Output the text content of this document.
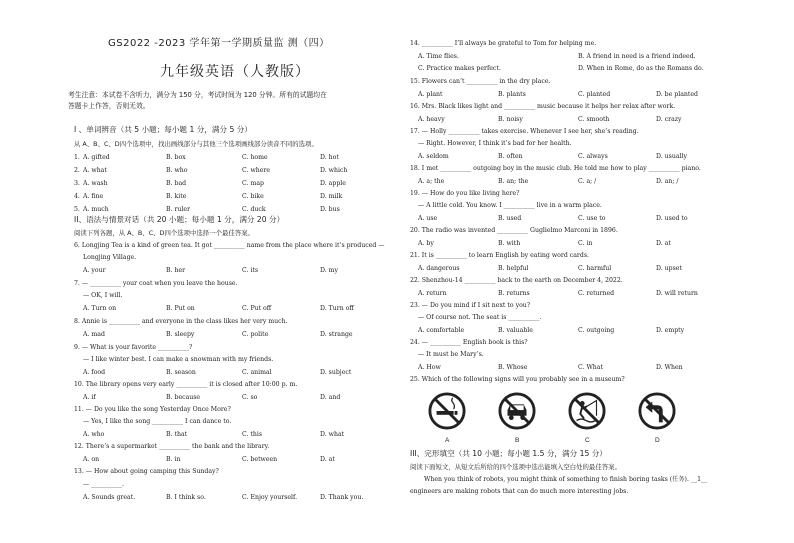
GS2022 -2023 学年第一学期质量监 测（四）
九年级英语（人教版）
考生注意：本试卷不含听力，满分为 150 分，考试时间为 120 分钟。所有的试题均在
答题卡上作答，否则无效。
I 、单词辨音（共 5 小题；每小题 1 分，满分 5 分）
从 A、B、C、D四个选项中，找出画线部分与其他三个选项画线部分读音不同的选项。
1. A. gifted	B. box	C. home	D. hot
2. A. what	B. who	C. where	D. which
3. A. wash	B. bad	C. map	D. apple
4. A. fine	B. kite	C. bike	D. milk
5. A. much	B. ruler	C. duck	D. bus
II、语法与情景对话（共 20 小题；每小题 1 分，满分 20 分）
阅读下列各题，从 A、B、C、D四个选项中选择一个最佳答案。
6. Longjing Tea is a kind of green tea. It got __________ name from the place where it’s produced —
Longjing Village.
A. your	B. her	C. its	D. my
7. — __________ your coat when you leave the house.
— OK, I will.
A. Turn on	B. Put on	C. Put off	D. Turn off
8. Annie is __________ and everyone in the class likes her very much.
A. mad	B. sleepy	C. polite	D. strange
9. — What is your favorite __________?
— I like winter best. I can make a snowman with my friends.
A. food	B. season	C. animal	D. subject
10. The library opens very early __________ it is closed after 10:00 p. m.
A. if	B. because	C. so	D. and
11. — Do you like the song Yesterday Once More?
— Yes, I like the song __________ I can dance to.
A. who	B. that	C. this	D. what
12. There’s a supermarket __________ the bank and the library.
A. on	B. in	C. between	D. at
13. — How about going camping this Sunday?
— __________.
A. Sounds great.	B. I think so.	C. Enjoy yourself.	D. Thank you.
14. __________ I’ll always be grateful to Tom for helping me.
A. Time flies.	B. A friend in need is a friend indeed.
C. Practice makes perfect.	D. When in Rome, do as the Romans do.
15. Flowers can’t __________ in the dry place.
A. plant	B. plants	C. planted	D. be planted
16. Mrs. Black likes light and __________ music because it helps her relax after work.
A. heavy	B. noisy	C. smooth	D. crazy
17. — Holly __________ takes exercise. Whenever I see her, she’s reading.
— Right. However, I think it’s bad for her health.
A. seldom	B. often	C. always	D. usually
18. I met __________ outgoing boy in the music club. He told me how to play __________ piano.
A. a; the	B. an; the	C. a; /	D. an; /
19. — How do you like living here?
— A little cold. You know. I __________ live in a warm place.
A. use	B. used	C. use to	D. used to
20. The radio was invented __________ Guglielmo Marconi in 1896.
A. by	B. with	C. in	D. at
21. It is __________ to learn English by eating word cards.
A. dangerous	B. helpful	C. harmful	D. upset
22. Shenzhou-14 __________ back to the earth on December 4, 2022.
A. return	B. returns	C. returned	D. will return
23. — Do you mind if I sit next to you?
— Of course not. The seat is __________.
A. comfortable	B. valuable	C. outgoing	D. empty
24. — __________ English book is this?
— It must be Mary’s.
A. How	B. Whose	C. What	D. When
25. Which of the following signs will you probably see in a museum?
A	B	C	D
III、完形填空（共 10 小题；每小题 1.5 分，满分 15 分）
阅读下面短文，从短文后所给的四个选项中选出能填入空白处的最佳答案。
When you think of robots, you might think of something to finish boring tasks (任务). __1__
engineers are making robots that can do much more interesting jobs.
